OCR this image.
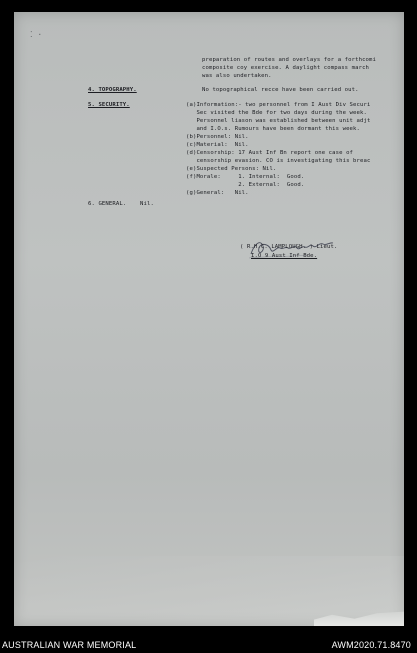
⁚ ·
preparation of routes and overlays for a forthcomi
composite coy exercise. A daylight compass march
was also undertaken.
4. TOPOGRAPHY.	No topographical recce have been carried out.
5. SECURITY.	(a)Information:- two personnel from I Aust Div Securi
Sec visited the Bde for two days during the week.
Personnel liason was established between unit adjt
and I.O.s. Rumours have been dormant this week.
(b)Personnel: Nil.
(c)Material:  Nil.
(d)Censorship: 17 Aust Inf Bn report one case of
censorship evasion. CO is investigating this breac
(e)Suspected Persons: Nil.
(f)Morale:     1. Internal:  Good.
2. External:  Good.
(g)General:   Nil.
6. GENERAL. Nil.
( R.H.C. LAMPLOUGH. ) Lieut.
I.O 9 Aust Inf Bde.
AUSTRALIAN WAR MEMORIAL	AWM2020.71.8470
